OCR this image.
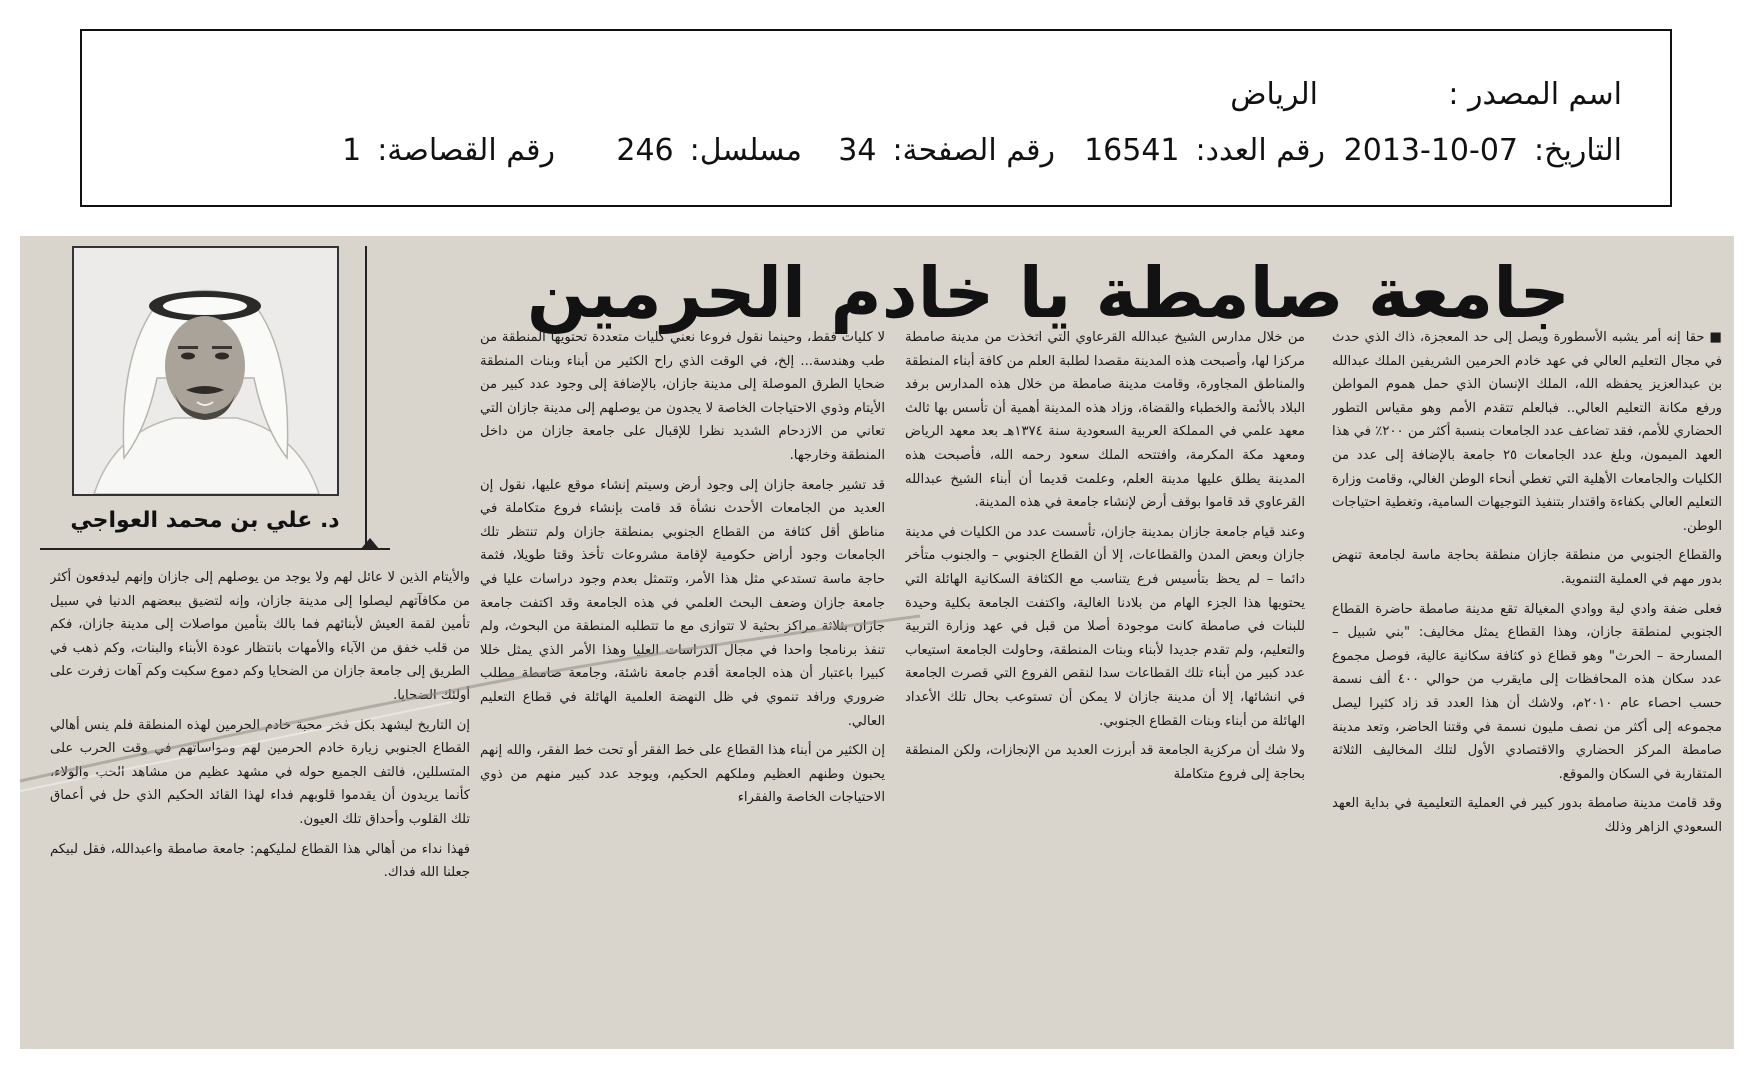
اسم المصدر :
الرياض
التاريخ:2013-10-07
رقم العدد:16541
رقم الصفحة:34
مسلسل:246
رقم القصاصة:1
جامعة صامطة يا خادم الحرمين
د. علي بن محمد العواجي

■ حقا إنه أمر يشبه الأسطورة ويصل إلى حد المعجزة، ذاك الذي حدث في مجال التعليم العالي في عهد خادم الحرمين الشريفين الملك عبدالله بن عبدالعزيز يحفظه الله، الملك الإنسان الذي حمل هموم المواطن ورفع مكانة التعليم العالي.. فبالعلم تتقدم الأمم وهو مقياس التطور الحضاري للأمم، فقد تضاعف عدد الجامعات بنسبة أكثر من ٢٠٠٪ في هذا العهد الميمون، وبلغ عدد الجامعات ٢٥ جامعة بالإضافة إلى عدد من الكليات والجامعات الأهلية التي تغطي أنحاء الوطن الغالي، وقامت وزارة التعليم العالي بكفاءة واقتدار بتنفيذ التوجيهات السامية، وتغطية احتياجات الوطن.

والقطاع الجنوبي من منطقة جازان منطقة بحاجة ماسة لجامعة تنهض بدور مهم في العملية التنموية.

فعلى ضفة وادي لية ووادي المغيالة تقع مدينة صامطة حاضرة القطاع الجنوبي لمنطقة جازان، وهذا القطاع يمثل مخاليف: "بني شبيل – المسارحة – الحرث" وهو قطاع ذو كثافة سكانية عالية، فوصل مجموع عدد سكان هذه المحافظات إلى مايقرب من حوالي ٤٠٠ ألف نسمة حسب احصاء عام ٢٠١٠م، ولاشك أن هذا العدد قد زاد كثيرا ليصل مجموعه إلى أكثر من نصف مليون نسمة في وقتنا الحاضر، وتعد مدينة صامطة المركز الحضاري والاقتصادي الأول لتلك المخاليف الثلاثة المتقاربة في السكان والموقع.

وقد قامت مدينة صامطة بدور كبير في العملية التعليمية في بداية العهد السعودي الزاهر وذلك

من خلال مدارس الشيخ عبدالله القرعاوي التي اتخذت من مدينة صامطة مركزا لها، وأصبحت هذه المدينة مقصدا لطلبة العلم من كافة أبناء المنطقة والمناطق المجاورة، وقامت مدينة صامطة من خلال هذه المدارس برفد البلاد بالأئمة والخطباء والقضاة، وزاد هذه المدينة أهمية أن تأسس بها ثالث معهد علمي في المملكة العربية السعودية سنة ١٣٧٤هـ بعد معهد الرياض ومعهد مكة المكرمة، وافتتحه الملك سعود رحمه الله، فأصبحت هذه المدينة يطلق عليها مدينة العلم، وعلمت قديما أن أبناء الشيخ عبدالله القرعاوي قد قاموا بوقف أرض لإنشاء جامعة في هذه المدينة.

وعند قيام جامعة جازان بمدينة جازان، تأسست عدد من الكليات في مدينة جازان وبعض المدن والقطاعات، إلا أن القطاع الجنوبي – والجنوب متأخر دائما – لم يحظ بتأسيس فرع يتناسب مع الكثافة السكانية الهائلة التي يحتويها هذا الجزء الهام من بلادنا الغالية، واكتفت الجامعة بكلية وحيدة للبنات في صامطة كانت موجودة أصلا من قبل في عهد وزارة التربية والتعليم، ولم تقدم جديدا لأبناء وبنات المنطقة، وحاولت الجامعة استيعاب عدد كبير من أبناء تلك القطاعات سدا لنقص الفروع التي قصرت الجامعة في انشائها، إلا أن مدينة جازان لا يمكن أن تستوعب بحال تلك الأعداد الهائلة من أبناء وبنات القطاع الجنوبي.

ولا شك أن مركزية الجامعة قد أبرزت العديد من الإنجازات، ولكن المنطقة بحاجة إلى فروع متكاملة

لا كليات فقط، وحينما نقول فروعا نعني كليات متعددة تحتويها المنطقة من طب وهندسة... إلخ، في الوقت الذي راح الكثير من أبناء وبنات المنطقة ضحايا الطرق الموصلة إلى مدينة جازان، بالإضافة إلى وجود عدد كبير من الأيتام وذوي الاحتياجات الخاصة لا يجدون من يوصلهم إلى مدينة جازان التي تعاني من الازدحام الشديد نظرا للإقبال على جامعة جازان من داخل المنطقة وخارجها.

قد تشير جامعة جازان إلى وجود أرض وسيتم إنشاء موقع عليها، نقول إن العديد من الجامعات الأحدث نشأة قد قامت بإنشاء فروع متكاملة في مناطق أقل كثافة من القطاع الجنوبي بمنطقة جازان ولم تنتظر تلك الجامعات وجود أراض حكومية لإقامة مشروعات تأخذ وقتا طويلا، فثمة حاجة ماسة تستدعي مثل هذا الأمر، وتتمثل بعدم وجود دراسات عليا في جامعة جازان وضعف البحث العلمي في هذه الجامعة وقد اكتفت جامعة جازان بثلاثة مراكز بحثية لا تتوازى مع ما تتطلبه المنطقة من البحوث، ولم تنفذ برنامجا واحدا في مجال الدراسات العليا وهذا الأمر الذي يمثل خللا كبيرا باعتبار أن هذه الجامعة أقدم جامعة ناشئة، وجامعة صامطة مطلب ضروري ورافد تنموي في ظل النهضة العلمية الهائلة في قطاع التعليم العالي.

إن الكثير من أبناء هذا القطاع على خط الفقر أو تحت خط الفقر، والله إنهم يحبون وطنهم العظيم وملكهم الحكيم، ويوجد عدد كبير منهم من ذوي الاحتياجات الخاصة والفقراء

والأيتام الذين لا عائل لهم ولا يوجد من يوصلهم إلى جازان وإنهم ليدفعون أكثر من مكافآتهم ليصلوا إلى مدينة جازان، وإنه لتضيق ببعضهم الدنيا في سبيل تأمين لقمة العيش لأبنائهم فما بالك بتأمين مواصلات إلى مدينة جازان، فكم من قلب خفق من الآباء والأمهات بانتظار عودة الأبناء والبنات، وكم ذهب في الطريق إلى جامعة جازان من الضحايا وكم دموع سكبت وكم آهات زفرت على أولئك الضحايا.

إن التاريخ ليشهد بكل فخر محبة خادم الحرمين لهذه المنطقة فلم ينس أهالي القطاع الجنوبي زيارة خادم الحرمين لهم ومواساتهم في وقت الحرب على المتسللين، فالتف الجميع حوله في مشهد عظيم من مشاهد الحب والولاء، كأنما يريدون أن يقدموا قلوبهم فداء لهذا القائد الحكيم الذي حل في أعماق تلك القلوب وأحداق تلك العيون.

فهذا نداء من أهالي هذا القطاع لمليكهم: جامعة صامطة واعبدالله، فقل لبيكم جعلنا الله فداك.
